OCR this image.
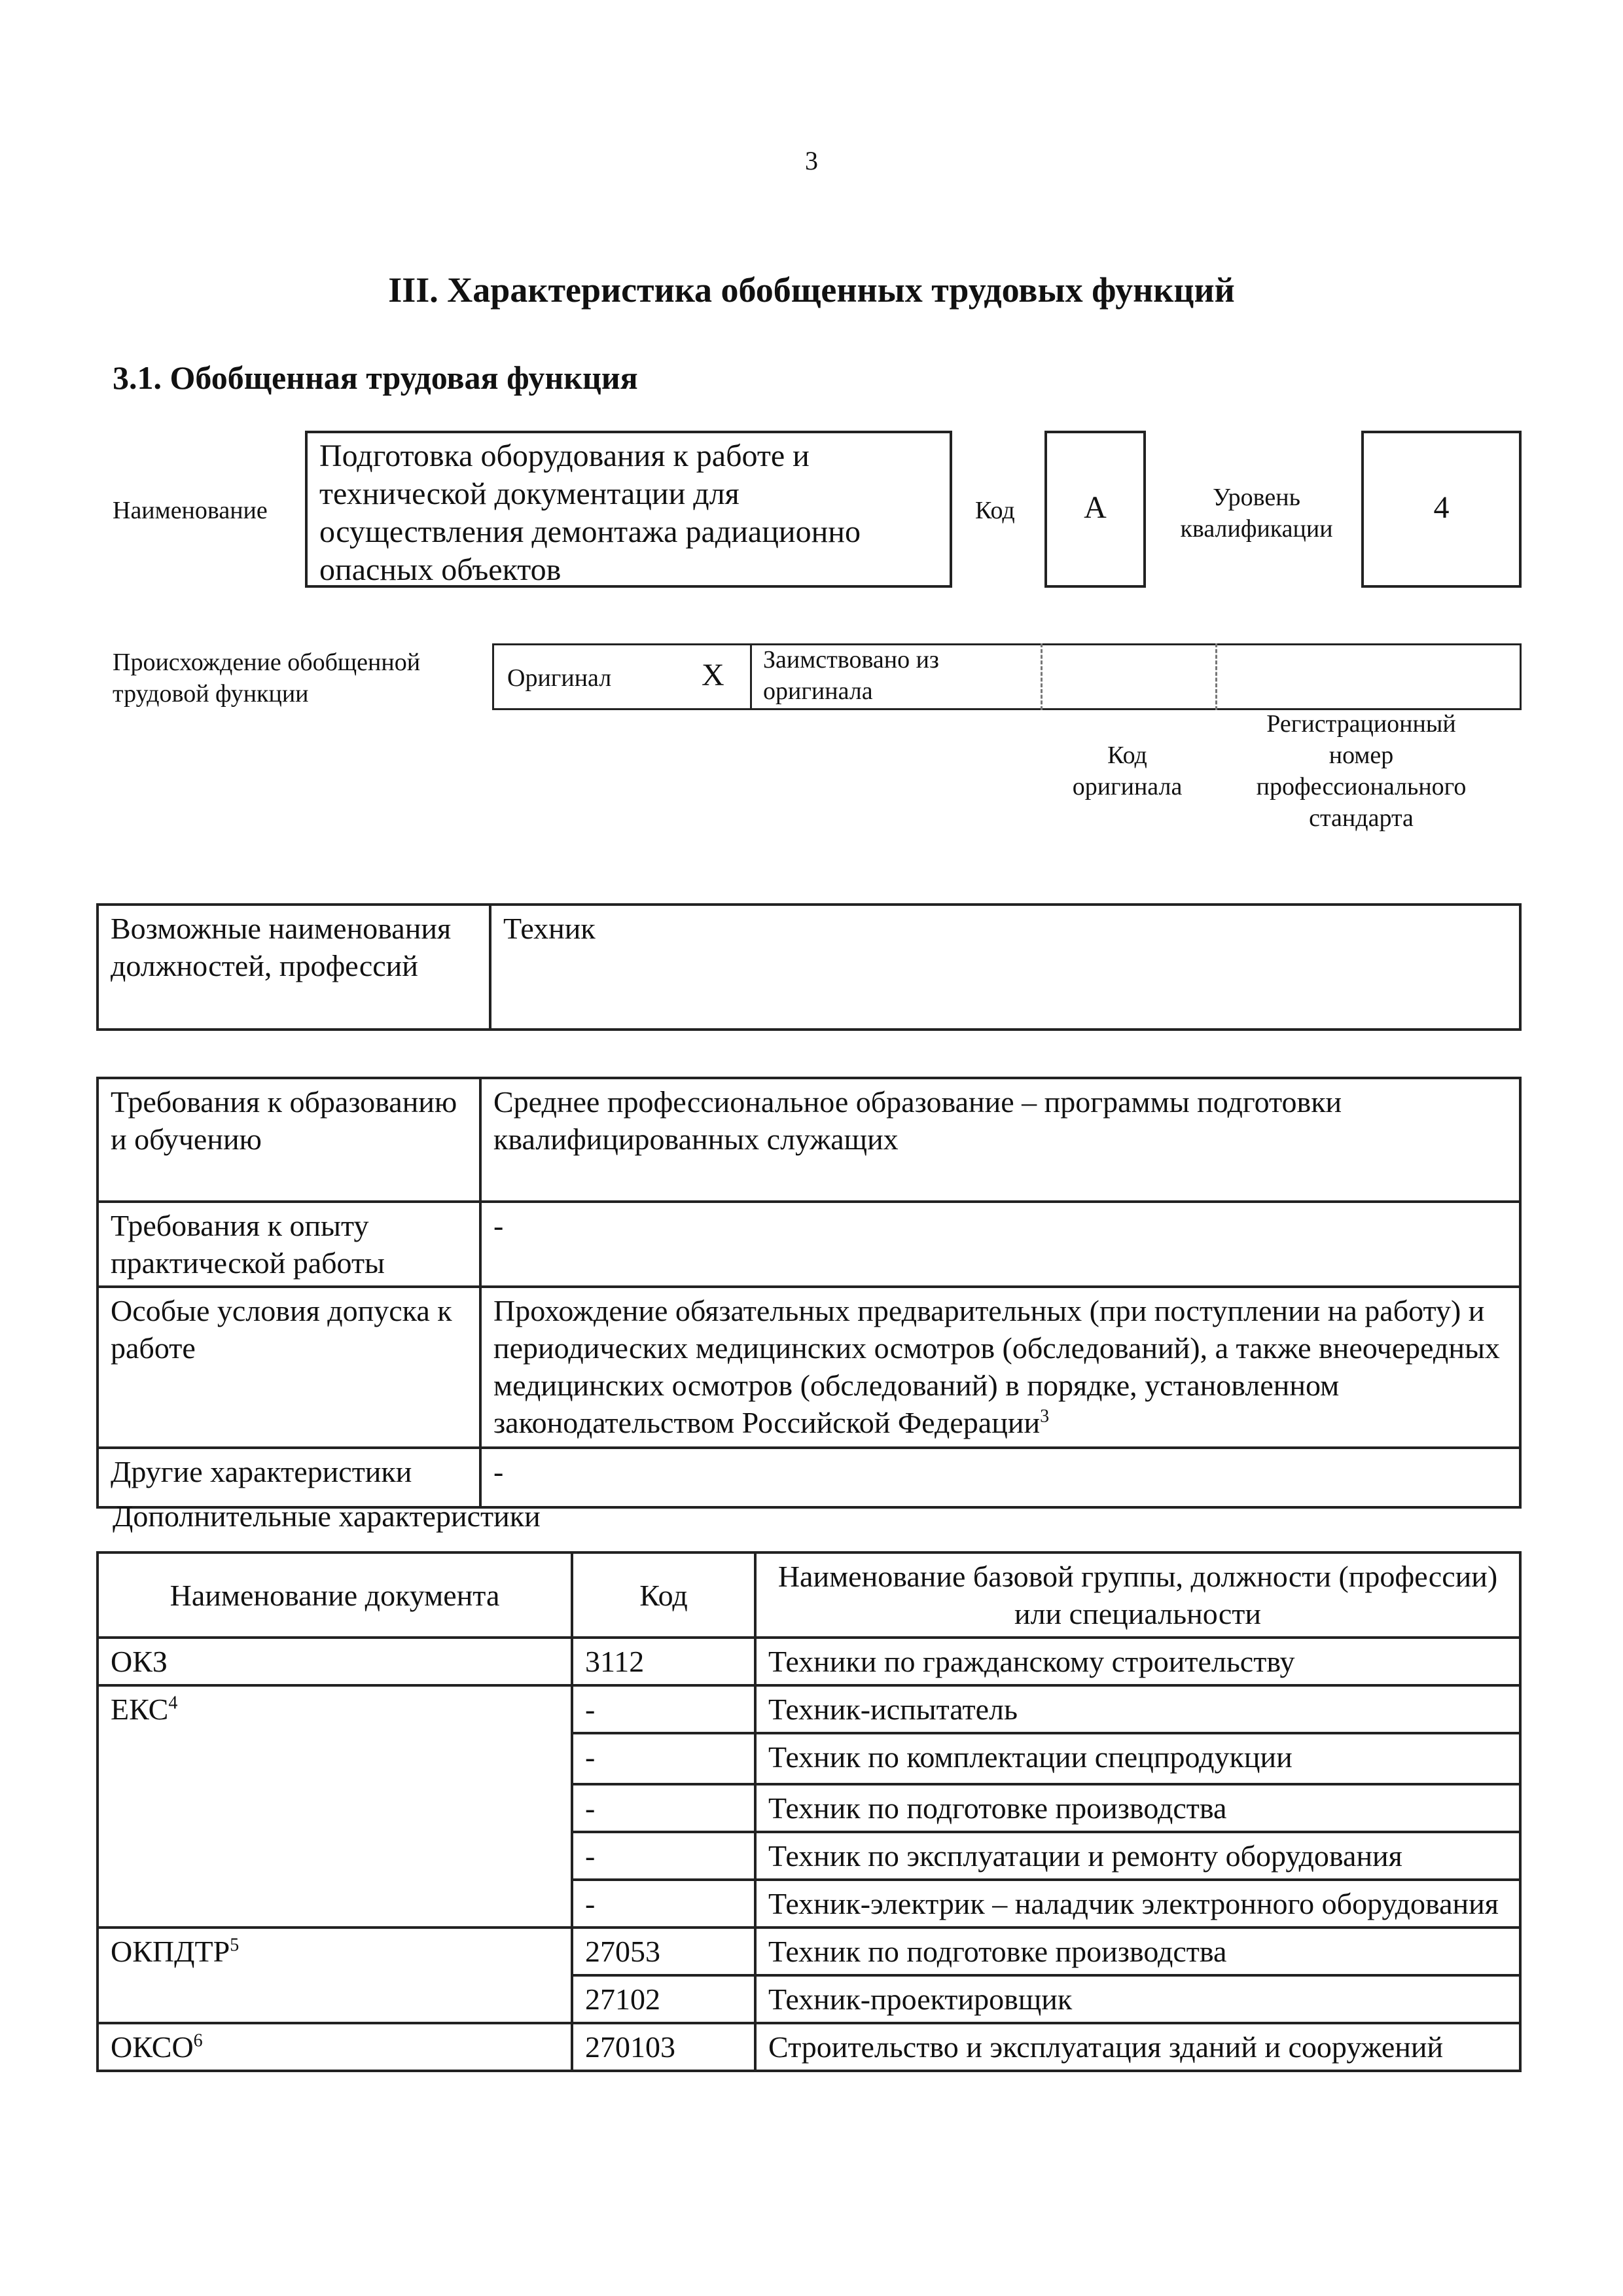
3
III. Характеристика обобщенных трудовых функций
3.1. Обобщенная трудовая функция
Наименование
Подготовка оборудования к работе и технической документации для осуществления демонтажа радиационно опасных объектов
Код	А	Уровень квалификации
4
Происхождение обобщенной трудовой функции
Оригинал	X Заимствовано из оригинала
Код оригинала
Регистрационный номер профессионального стандарта
Возможные наименования должностей, профессий	Техник
Требования к образованию и обучению	Среднее профессиональное образование – программы подготовки квалифицированных служащих
Требования к опыту практической работы	-
Особые условия допуска к работе	Прохождение обязательных предварительных (при поступлении на работу) и периодических медицинских осмотров (обследований), а также внеочередных медицинских осмотров (обследований) в порядке, установленном законодательством Российской Федерации$^3$
Другие характеристики	-
Дополнительные характеристики
Наименование документа	Код	Наименование базовой группы, должности (профессии) или специальности
ОКЗ	3112	Техники по гражданскому строительству
ЕКС$^4$	-	Техник-испытатель
	-	Техник по комплектации спецпродукции
	-	Техник по подготовке производства
	-	Техник по эксплуатации и ремонту оборудования
	-	Техник-электрик – наладчик электронного оборудования
ОКПДТР$^5$	27053	Техник по подготовке производства
	27102	Техник-проектировщик
ОКСО$^6$	270103	Строительство и эксплуатация зданий и сооружений
